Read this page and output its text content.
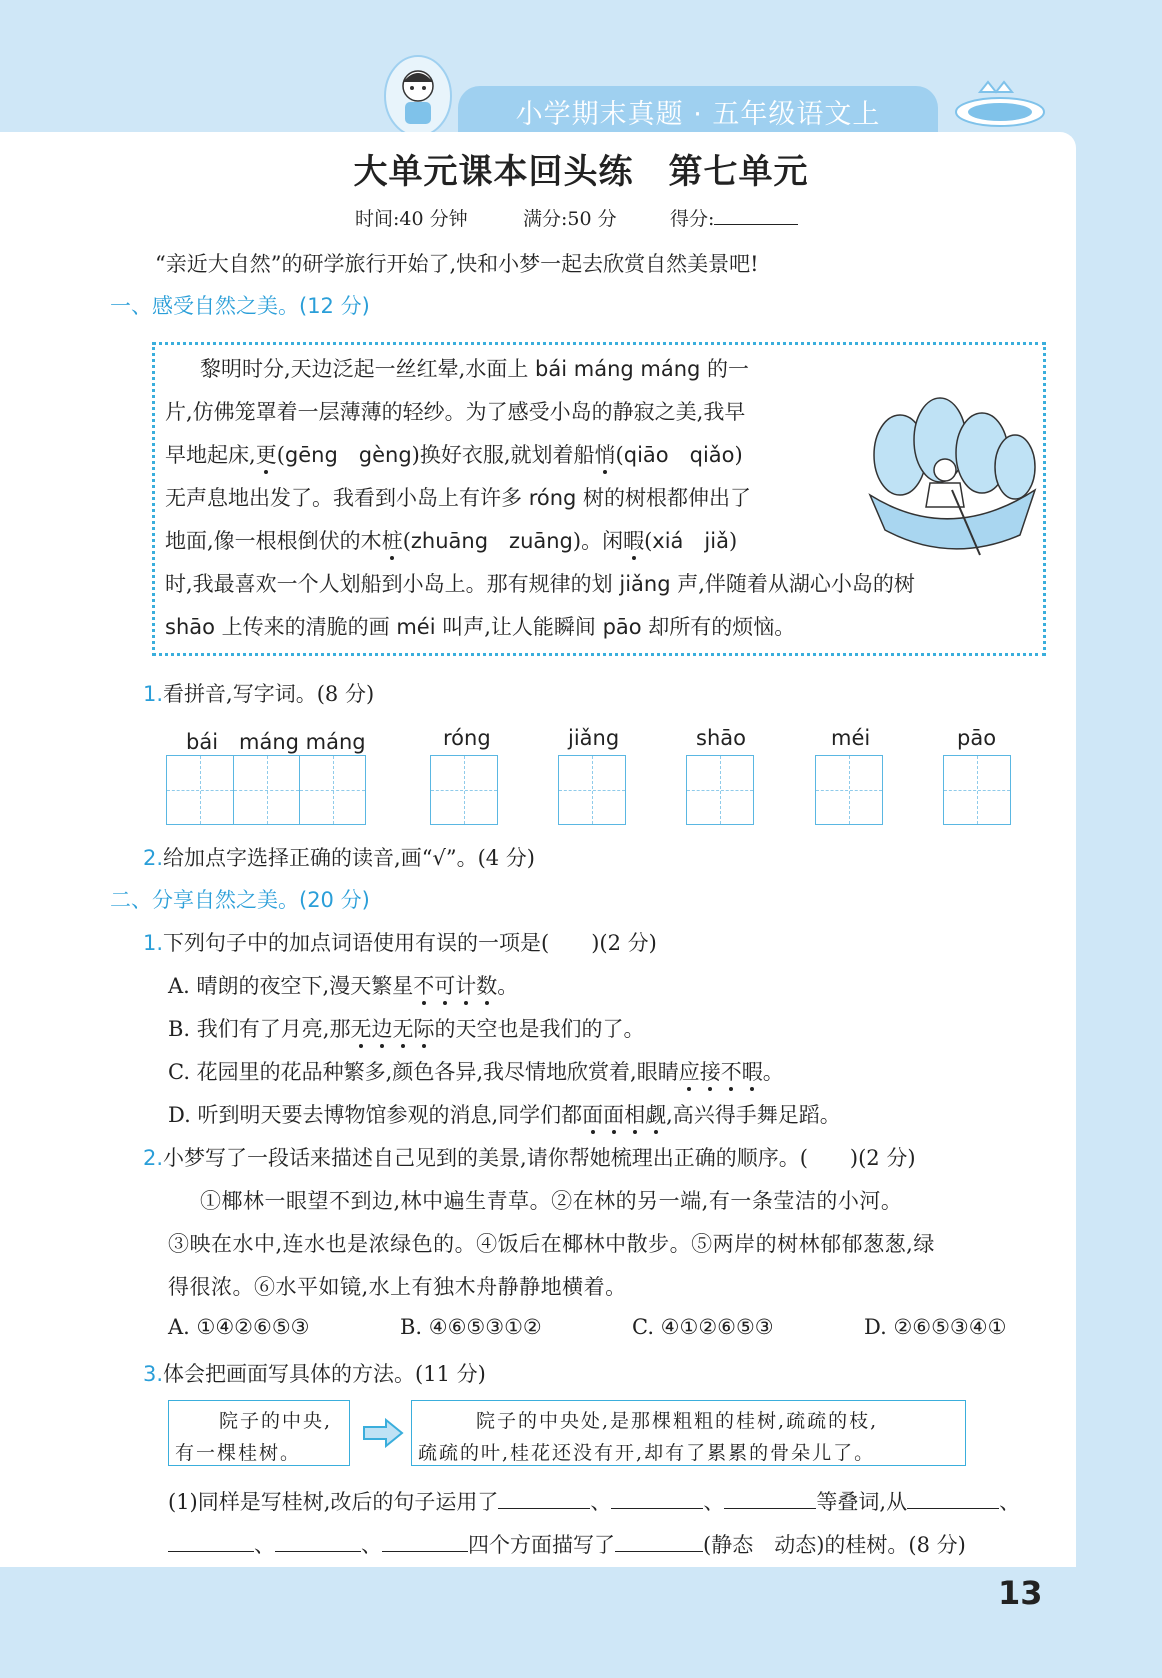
小学期末真题 · 五年级语文上
大单元课本回头练　第七单元
时间:40 分钟	满分:50 分	得分:
“亲近大自然”的研学旅行开始了,快和小梦一起去欣赏自然美景吧!
一、感受自然之美。(12 分)
黎明时分,天边泛起一丝红晕,水面上 bái máng máng 的一
片,仿佛笼罩着一层薄薄的轻纱。为了感受小岛的静寂之美,我早
早地起床,更(gēng　gèng)换好衣服,就划着船悄(qiāo　qiǎo)
无声息地出发了。我看到小岛上有许多 róng 树的树根都伸出了
地面,像一根根倒伏的木桩(zhuāng　zuāng)。闲暇(xiá　jiǎ)
时,我最喜欢一个人划船到小岛上。那有规律的划 jiǎng 声,伴随着从湖心小岛的树
shāo 上传来的清脆的画 méi 叫声,让人能瞬间 pāo 却所有的烦恼。
1.看拼音,写字词。(8 分)
bái　máng máng	róng	jiǎng	shāo	méi	pāo
2.给加点字选择正确的读音,画“√”。(4 分)
二、分享自然之美。(20 分)
1.下列句子中的加点词语使用有误的一项是(　　)(2 分)
A. 晴朗的夜空下,漫天繁星不可计数。
B. 我们有了月亮,那无边无际的天空也是我们的了。
C. 花园里的花品种繁多,颜色各异,我尽情地欣赏着,眼睛应接不暇。
D. 听到明天要去博物馆参观的消息,同学们都面面相觑,高兴得手舞足蹈。
2.小梦写了一段话来描述自己见到的美景,请你帮她梳理出正确的顺序。(　　)(2 分)
①椰林一眼望不到边,林中遍生青草。②在林的另一端,有一条莹洁的小河。
③映在水中,连水也是浓绿色的。④饭后在椰林中散步。⑤两岸的树林郁郁葱葱,绿
得很浓。⑥水平如镜,水上有独木舟静静地横着。
A. ①④②⑥⑤③	B. ④⑥⑤③①②	C. ④①②⑥⑤③	D. ②⑥⑤③④①
3.体会把画面写具体的方法。(11 分)
院子的中央,
有一棵桂树。
院子的中央处,是那棵粗粗的桂树,疏疏的枝,
疏疏的叶,桂花还没有开,却有了累累的骨朵儿了。
(1)同样是写桂树,改后的句子运用了	、	、	等叠词,从	、
、	、	四个方面描写了	(静态　动态)的桂树。(8 分)
13
